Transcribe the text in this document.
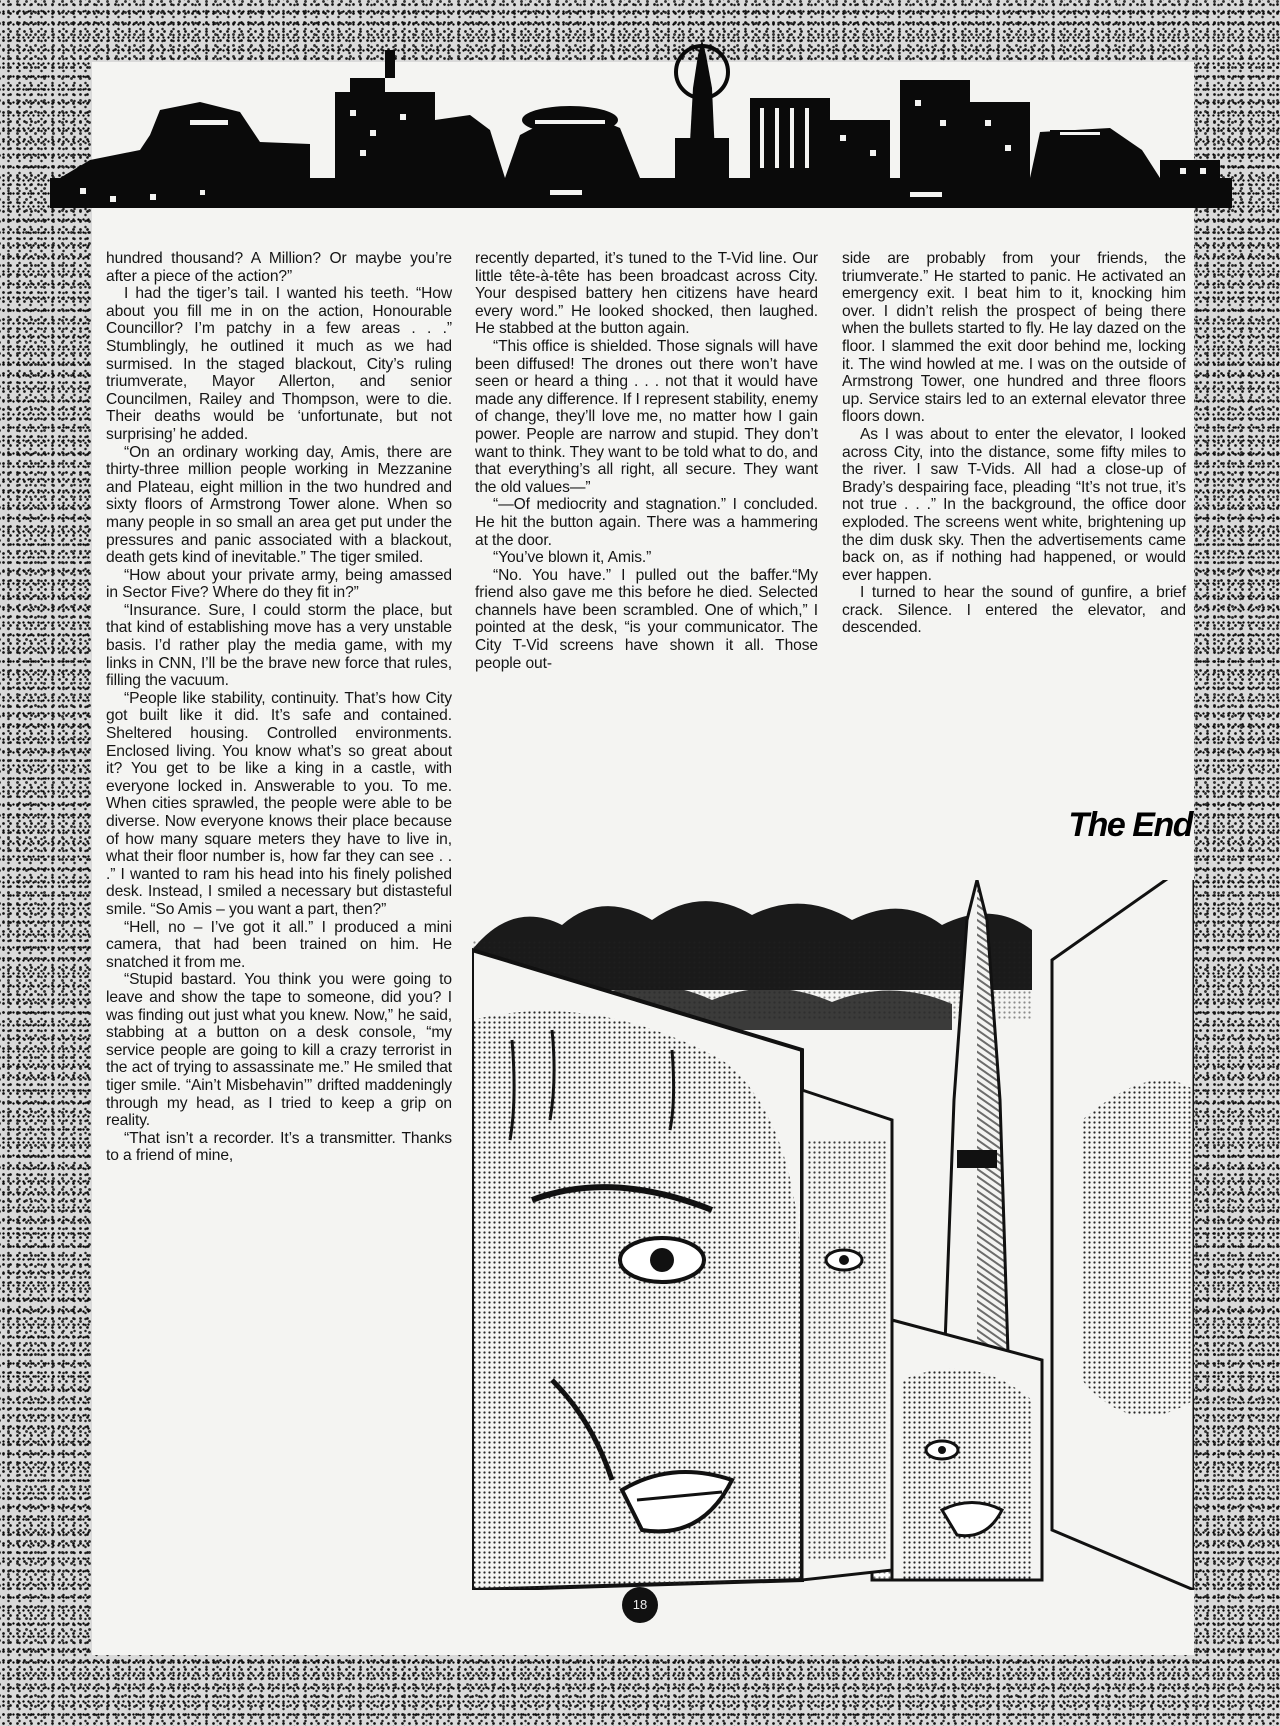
hundred thousand? A Million? Or maybe you’re after a piece of the action?”

I had the tiger’s tail. I wanted his teeth. “How about you fill me in on the action, Honourable Councillor? I’m patchy in a few areas . . .” Stumblingly, he outlined it much as we had surmised. In the staged blackout, City’s ruling triumverate, Mayor Allerton, and senior Councilmen, Railey and Thompson, were to die. Their deaths would be ‘unfortunate, but not surprising’ he added.

“On an ordinary working day, Amis, there are thirty-three million people working in Mezzanine and Plateau, eight million in the two hundred and sixty floors of Armstrong Tower alone. When so many people in so small an area get put under the pressures and panic associated with a blackout, death gets kind of inevitable.” The tiger smiled.

“How about your private army, being amassed in Sector Five? Where do they fit in?”

“Insurance. Sure, I could storm the place, but that kind of establishing move has a very unstable basis. I’d rather play the media game, with my links in CNN, I’ll be the brave new force that rules, filling the vacuum.

“People like stability, continuity. That’s how City got built like it did. It’s safe and contained. Sheltered housing. Controlled environments. Enclosed living. You know what’s so great about it? You get to be like a king in a castle, with everyone locked in. Answerable to you. To me. When cities sprawled, the people were able to be diverse. Now everyone knows their place because of how many square meters they have to live in, what their floor number is, how far they can see . . .” I wanted to ram his head into his finely polished desk. Instead, I smiled a necessary but distasteful smile. “So Amis – you want a part, then?”

“Hell, no – I’ve got it all.” I produced a mini camera, that had been trained on him. He snatched it from me.

“Stupid bastard. You think you were going to leave and show the tape to someone, did you? I was finding out just what you knew. Now,” he said, stabbing at a button on a desk console, “my service people are going to kill a crazy terrorist in the act of trying to assassinate me.” He smiled that tiger smile. “Ain’t Misbehavin’” drifted maddeningly through my head, as I tried to keep a grip on reality.

“That isn’t a recorder. It’s a transmitter. Thanks to a friend of mine,

recently departed, it’s tuned to the T-Vid line. Our little tête-à-tête has been broadcast across City. Your despised battery hen citizens have heard every word.” He looked shocked, then laughed. He stabbed at the button again.

“This office is shielded. Those signals will have been diffused! The drones out there won’t have seen or heard a thing . . . not that it would have made any difference. If I represent stability, enemy of change, they’ll love me, no matter how I gain power. People are narrow and stupid. They don’t want to think. They want to be told what to do, and that everything’s all right, all secure. They want the old values—”

“—Of mediocrity and stagnation.” I concluded. He hit the button again. There was a hammering at the door.

“You’ve blown it, Amis.”

“No. You have.” I pulled out the baffer.“My friend also gave me this before he died. Selected channels have been scrambled. One of which,” I pointed at the desk, “is your communicator. The City T-Vid screens have shown it all. Those people out-

side are probably from your friends, the triumverate.” He started to panic. He activated an emergency exit. I beat him to it, knocking him over. I didn’t relish the prospect of being there when the bullets started to fly. He lay dazed on the floor. I slammed the exit door behind me, locking it. The wind howled at me. I was on the outside of Armstrong Tower, one hundred and three floors up. Service stairs led to an external elevator three floors down.

As I was about to enter the elevator, I looked across City, into the distance, some fifty miles to the river. I saw T-Vids. All had a close-up of Brady’s despairing face, pleading “It’s not true, it’s not true . . .” In the background, the office door exploded. The screens went white, brightening up the dim dusk sky. Then the advertisements came back on, as if nothing had happened, or would ever happen.

I turned to hear the sound of gunfire, a brief crack. Silence. I entered the elevator, and descended.

The End
18
